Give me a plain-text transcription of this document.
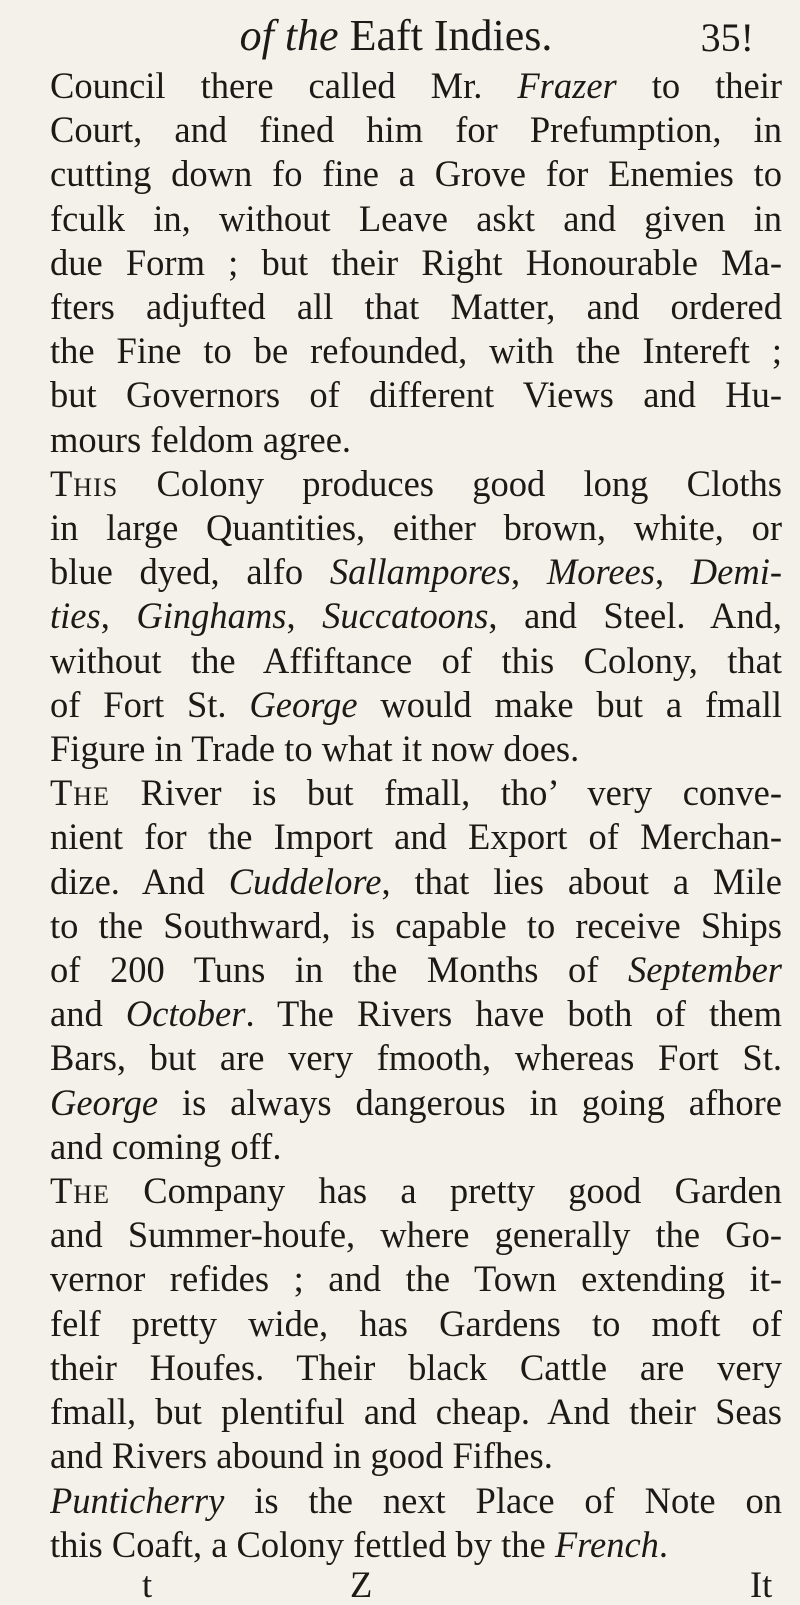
of the Eaft Indies.	35!
Council there called Mr. Frazer to their
Court, and fined him for Prefumption, in
cutting down fo fine a Grove for Enemies to
fculk in, without Leave askt and given in
due Form ; but their Right Honourable Ma-
fters adjufted all that Matter, and ordered
the Fine to be refounded, with the Intereft ;
but Governors of different Views and Hu-
mours feldom agree.
This Colony produces good long Cloths
in large Quantities, either brown, white, or
blue dyed, alfo Sallampores, Morees, Demi-
ties, Ginghams, Succatoons, and Steel. And,
without the Affiftance of this Colony, that
of Fort St. George would make but a fmall
Figure in Trade to what it now does.
The River is but fmall, tho’ very conve-
nient for the Import and Export of Merchan-
dize. And Cuddelore, that lies about a Mile
to the Southward, is capable to receive Ships
of 200 Tuns in the Months of September
and October. The Rivers have both of them
Bars, but are very fmooth, whereas Fort St.
George is always dangerous in going afhore
and coming off.
The Company has a pretty good Garden
and Summer-houfe, where generally the Go-
vernor refides ; and the Town extending it-
felf pretty wide, has Gardens to moft of
their Houfes. Their black Cattle are very
fmall, but plentiful and cheap. And their Seas
and Rivers abound in good Fifhes.
Punticherry is the next Place of Note on
this Coaft, a Colony fettled by the French.
t	Z	It
